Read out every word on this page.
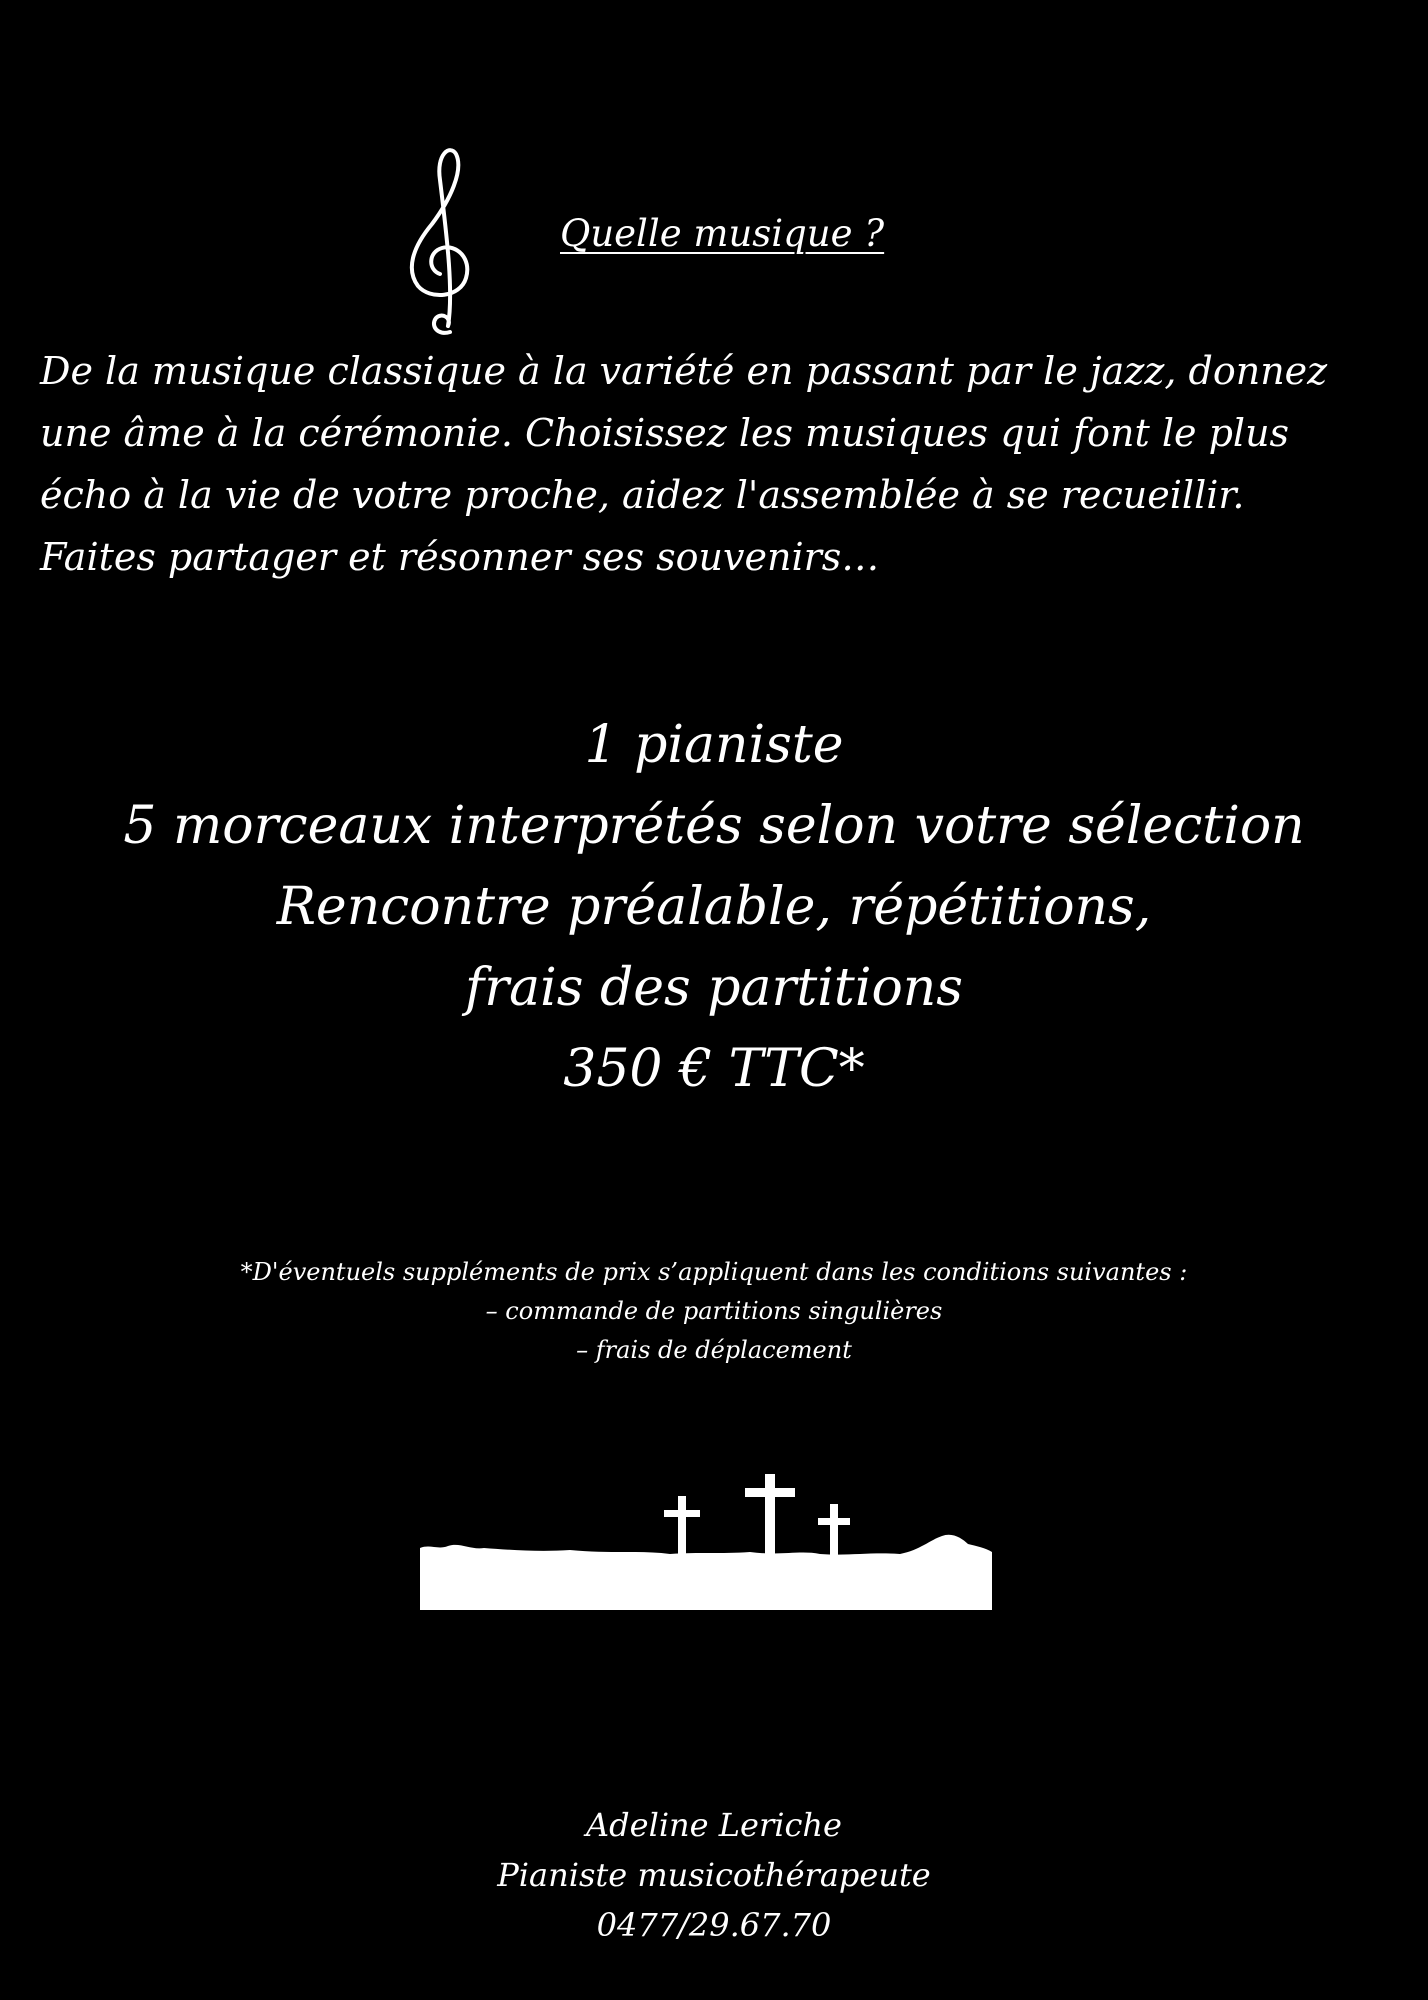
Quelle musique ?
De la musique classique à la variété en passant par le jazz, donnez
une âme à la cérémonie. Choisissez les musiques qui font le plus
écho à la vie de votre proche, aidez l'assemblée à se recueillir.
Faites partager et résonner ses souvenirs…
1 pianiste
5 morceaux interprétés selon votre sélection
Rencontre préalable, répétitions,
frais des partitions
350 € TTC*
*D'éventuels suppléments de prix s’appliquent dans les conditions suivantes :
– commande de partitions singulières
– frais de déplacement
Adeline Leriche
Pianiste musicothérapeute
0477/29.67.70
